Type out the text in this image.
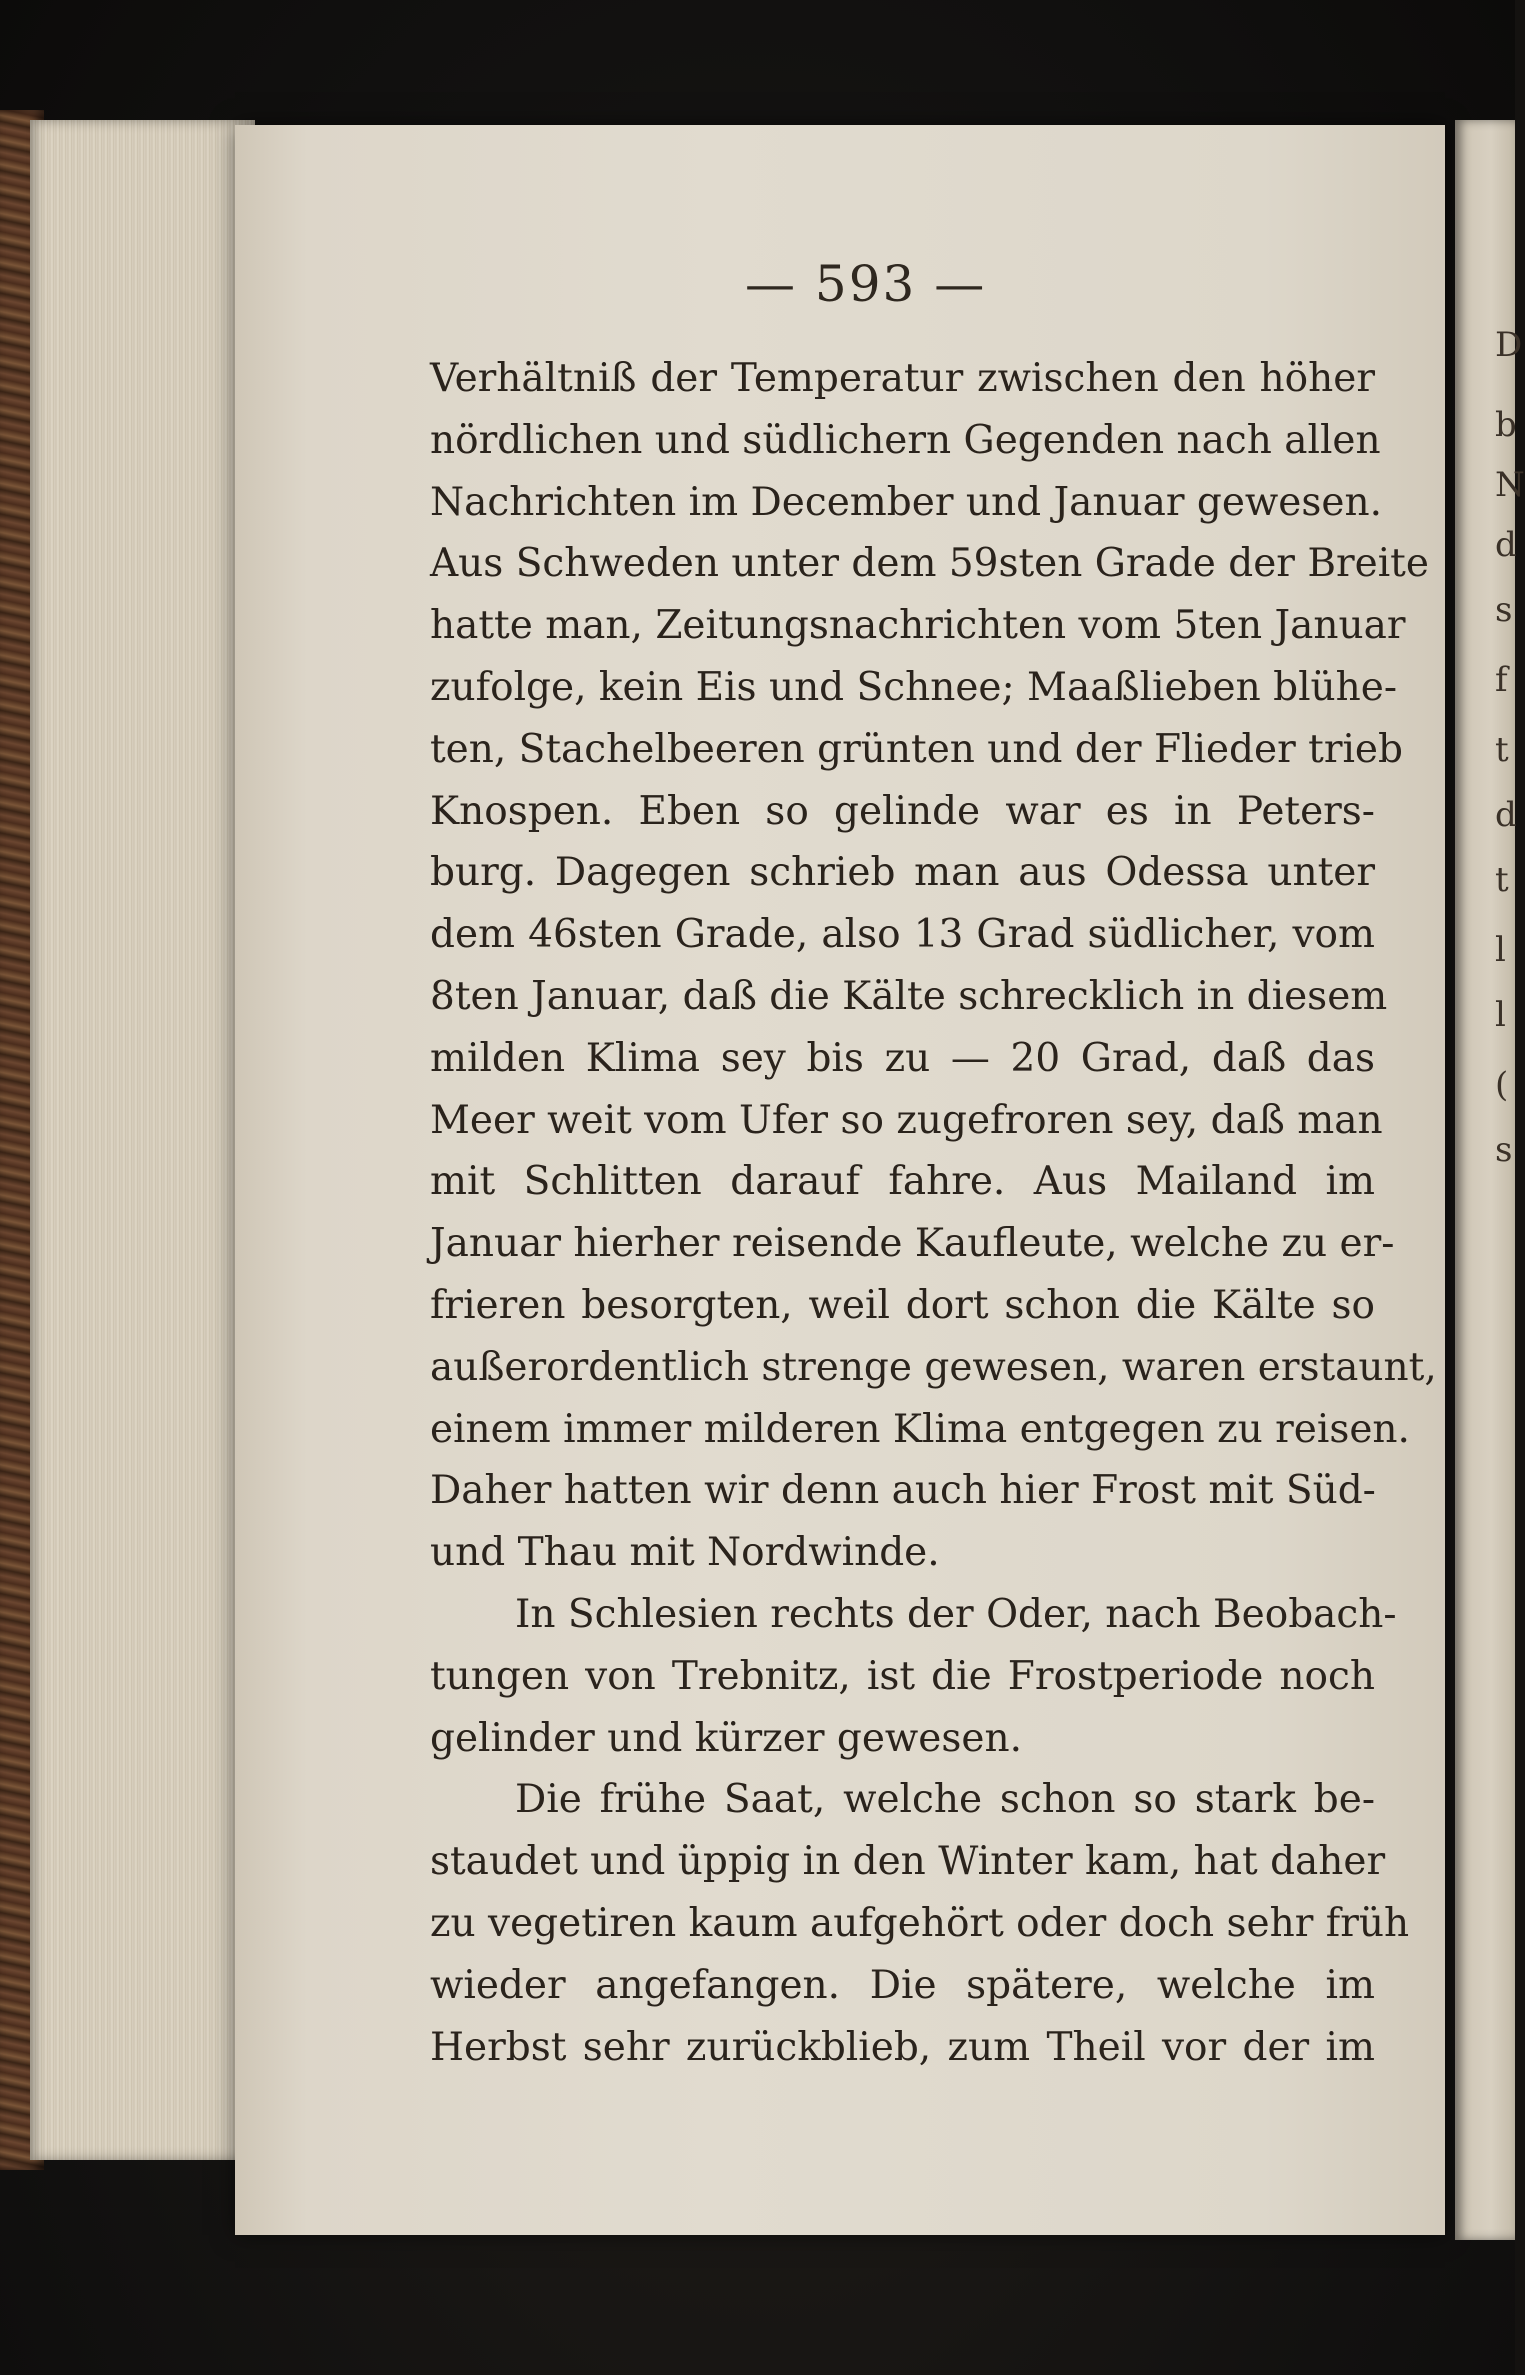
D
b
N
d
s
f
t
d
t
l
l
(
s
— 593 —
Verhältniß der Temperatur zwischen den höher
nördlichen und südlichern Gegenden nach allen
Nachrichten im December und Januar gewesen.
Aus Schweden unter dem 59sten Grade der Breite
hatte man, Zeitungsnachrichten vom 5ten Januar
zufolge, kein Eis und Schnee; Maaßlieben blühe-
ten, Stachelbeeren grünten und der Flieder trieb
Knospen. Eben so gelinde war es in Peters-
burg. Dagegen schrieb man aus Odessa unter
dem 46sten Grade, also 13 Grad südlicher, vom
8ten Januar, daß die Kälte schrecklich in diesem
milden Klima sey bis zu — 20 Grad, daß das
Meer weit vom Ufer so zugefroren sey, daß man
mit Schlitten darauf fahre. Aus Mailand im
Januar hierher reisende Kaufleute, welche zu er-
frieren besorgten, weil dort schon die Kälte so
außerordentlich strenge gewesen, waren erstaunt,
einem immer milderen Klima entgegen zu reisen.
Daher hatten wir denn auch hier Frost mit Süd-
und Thau mit Nordwinde.
In Schlesien rechts der Oder, nach Beobach-
tungen von Trebnitz, ist die Frostperiode noch
gelinder und kürzer gewesen.
Die frühe Saat, welche schon so stark be-
staudet und üppig in den Winter kam, hat daher
zu vegetiren kaum aufgehört oder doch sehr früh
wieder angefangen. Die spätere, welche im
Herbst sehr zurückblieb, zum Theil vor der im
